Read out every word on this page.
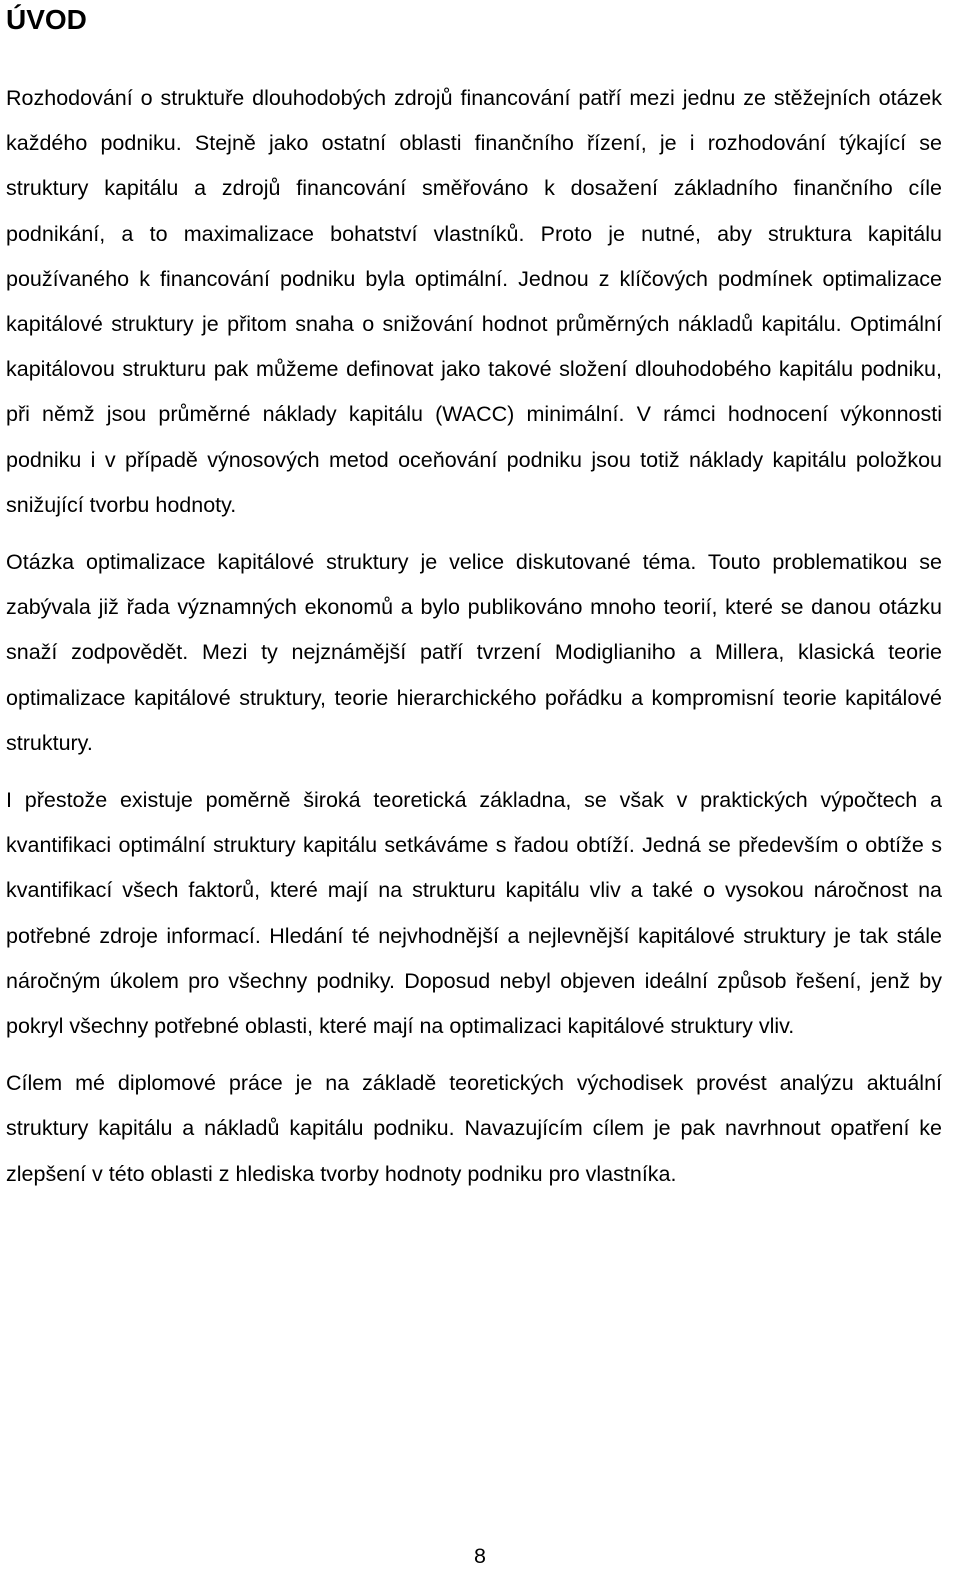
ÚVOD

Rozhodování o struktuře dlouhodobých zdrojů financování patří mezi jednu ze stěžejních otázek každého podniku. Stejně jako ostatní oblasti finančního řízení, je i rozhodování týkající se struktury kapitálu a zdrojů financování směřováno k dosažení základního finančního cíle podnikání, a to maximalizace bohatství vlastníků. Proto je nutné, aby struktura kapitálu používaného k financování podniku byla optimální. Jednou z klíčových podmínek optimalizace kapitálové struktury je přitom snaha o snižování hodnot průměrných nákladů kapitálu. Optimální kapitálovou strukturu pak můžeme definovat jako takové složení dlouhodobého kapitálu podniku, při němž jsou průměrné náklady kapitálu (WACC) minimální. V rámci hodnocení výkonnosti podniku i v případě výnosových metod oceňování podniku jsou totiž náklady kapitálu položkou snižující tvorbu hodnoty.

Otázka optimalizace kapitálové struktury je velice diskutované téma. Touto problematikou se zabývala již řada významných ekonomů a bylo publikováno mnoho teorií, které se danou otázku snaží zodpovědět. Mezi ty nejznámější patří tvrzení Modiglianiho a Millera, klasická teorie optimalizace kapitálové struktury, teorie hierarchického pořádku a kompromisní teorie kapitálové struktury.

I přestože existuje poměrně široká teoretická základna, se však v praktických výpočtech a kvantifikaci optimální struktury kapitálu setkáváme s řadou obtíží. Jedná se především o obtíže s kvantifikací všech faktorů, které mají na strukturu kapitálu vliv a také o vysokou náročnost na potřebné zdroje informací. Hledání té nejvhodnější a nejlevnější kapitálové struktury je tak stále náročným úkolem pro všechny podniky. Doposud nebyl objeven ideální způsob řešení, jenž by pokryl všechny potřebné oblasti, které mají na optimalizaci kapitálové struktury vliv.

Cílem mé diplomové práce je na základě teoretických východisek provést analýzu aktuální struktury kapitálu a nákladů kapitálu podniku. Navazujícím cílem je pak navrhnout opatření ke zlepšení v této oblasti z hlediska tvorby hodnoty podniku pro vlastníka.

8
